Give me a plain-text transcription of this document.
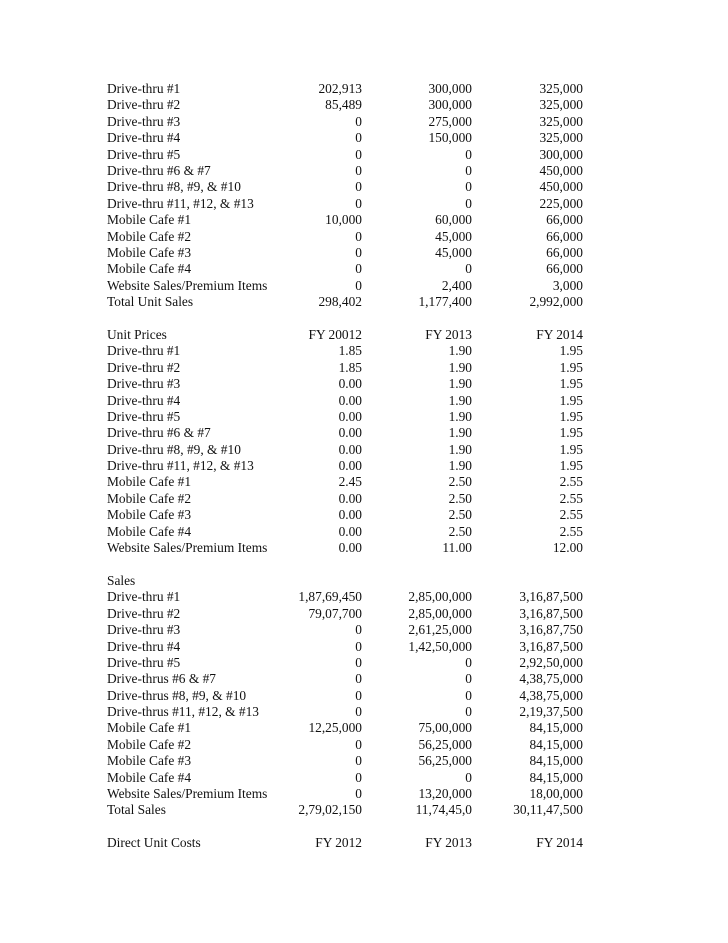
Drive-thru #1	202,913	300,000	325,000
Drive-thru #2	85,489	300,000	325,000
Drive-thru #3	0	275,000	325,000
Drive-thru #4	0	150,000	325,000
Drive-thru #5	0	0	300,000
Drive-thru #6 & #7	0	0	450,000
Drive-thru #8, #9, & #10	0	0	450,000
Drive-thru #11, #12, & #13	0	0	225,000
Mobile Cafe #1	10,000	60,000	66,000
Mobile Cafe #2	0	45,000	66,000
Mobile Cafe #3	0	45,000	66,000
Mobile Cafe #4	0	0	66,000
Website Sales/Premium Items	0	2,400	3,000
Total Unit Sales	298,402	1,177,400	2,992,000
Unit Prices	FY 20012	FY 2013	FY 2014
Drive-thru #1	1.85	1.90	1.95
Drive-thru #2	1.85	1.90	1.95
Drive-thru #3	0.00	1.90	1.95
Drive-thru #4	0.00	1.90	1.95
Drive-thru #5	0.00	1.90	1.95
Drive-thru #6 & #7	0.00	1.90	1.95
Drive-thru #8, #9, & #10	0.00	1.90	1.95
Drive-thru #11, #12, & #13	0.00	1.90	1.95
Mobile Cafe #1	2.45	2.50	2.55
Mobile Cafe #2	0.00	2.50	2.55
Mobile Cafe #3	0.00	2.50	2.55
Mobile Cafe #4	0.00	2.50	2.55
Website Sales/Premium Items	0.00	11.00	12.00
Sales
Drive-thru #1	1,87,69,450	2,85,00,000	3,16,87,500
Drive-thru #2	79,07,700	2,85,00,000	3,16,87,500
Drive-thru #3	0	2,61,25,000	3,16,87,750
Drive-thru #4	0	1,42,50,000	3,16,87,500
Drive-thru #5	0	0	2,92,50,000
Drive-thrus #6 & #7	0	0	4,38,75,000
Drive-thrus #8, #9, & #10	0	0	4,38,75,000
Drive-thrus #11, #12, & #13	0	0	2,19,37,500
Mobile Cafe #1	12,25,000	75,00,000	84,15,000
Mobile Cafe #2	0	56,25,000	84,15,000
Mobile Cafe #3	0	56,25,000	84,15,000
Mobile Cafe #4	0	0	84,15,000
Website Sales/Premium Items	0	13,20,000	18,00,000
Total Sales	2,79,02,150	11,74,45,0	30,11,47,500
Direct Unit Costs	FY 2012	FY 2013	FY 2014
